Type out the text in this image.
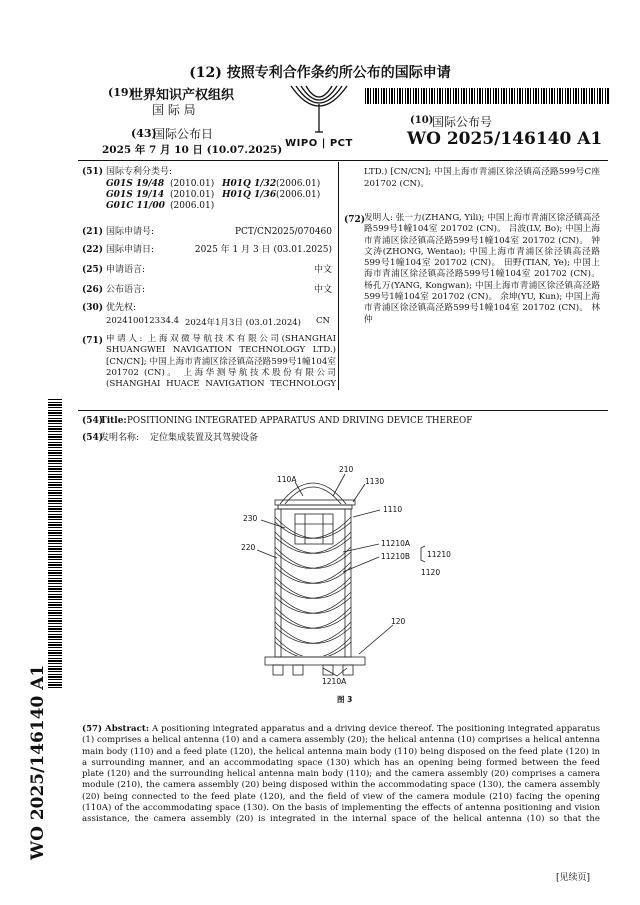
(12) 按照专利合作条约所公布的国际申请
(19)
世界知识产权组织
国 际 局
(43)
国际公布日
2025 年 7 月 10 日 (10.07.2025)
WIPO | PCT
(10)
国际公布号
WO 2025/146140 A1
(51) 国际专利分类号:
G01S 19/48 (2010.01) H01Q 1/32 (2006.01)
G01S 19/14 (2010.01) H01Q 1/36 (2006.01)
G01C 11/00 (2006.01)
(21) 国际申请号:	PCT/CN2025/070460
(22) 国际申请日:	2025 年 1 月 3 日 (03.01.2025)
(25) 申请语言:	中文
(26) 公布语言:	中文
(30) 优先权:
202410012334.4 2024年1月3日 (03.01.2024) CN
(71) 申请人: 上海双微导航技术有限公司(SHANGHAI SHUANGWEI NAVIGATION TECHNOLOGY LTD.) [CN/CN]; 中国上海市青浦区徐泾镇高泾路599号1幢104室 201702 (CN)。 上海华测导航技术股份有限公司(SHANGHAI HUACE NAVIGATION TECHNOLOGY
LTD.) [CN/CN]; 中国上海市青浦区徐泾镇高泾路599号C座 201702 (CN)。
(72)
发明人: 张一力(ZHANG, Yili); 中国上海市青浦区徐泾镇高泾路599号1幢104室 201702 (CN)。 吕波(LV, Bo); 中国上海市青浦区徐泾镇高泾路599号1幢104室 201702 (CN)。 钟文涛(ZHONG, Wentao); 中国上海市青浦区徐泾镇高泾路599号1幢104室 201702 (CN)。 田野(TIAN, Ye); 中国上海市青浦区徐泾镇高泾路599号1幢104室 201702 (CN)。 杨孔万(YANG, Kongwan); 中国上海市青浦区徐泾镇高泾路599号1幢104室 201702 (CN)。 余坤(YU, Kun); 中国上海市青浦区徐泾镇高泾路599号1幢104室 201702 (CN)。 林仲
(54)
Title: POSITIONING INTEGRATED APPARATUS AND DRIVING DEVICE THEREOF
(54)
发明名称: 定位集成装置及其驾驶设备
210
110A	1130
1110
230
220	11210A
11210B 11210
1120
120
1210A
图 3
(57) Abstract: A positioning integrated apparatus and a driving device thereof. The positioning integrated apparatus (1) comprises a helical antenna (10) and a camera assembly (20); the helical antenna (10) comprises a helical antenna main body (110) and a feed plate (120), the helical antenna main body (110) being disposed on the feed plate (120) in a surrounding manner, and an accommodating space (130) which has an opening being formed between the feed plate (120) and the surrounding helical antenna main body (110); and the camera assembly (20) comprises a camera module (210), the camera assembly (20) being disposed within the accommodating space (130), the camera assembly (20) being connected to the feed plate (120), and the field of view of the camera module (210) facing the opening (110A) of the accommodating space (130). On the basis of implementing the effects of antenna positioning and vision assistance, the camera assembly (20) is integrated in the internal space of the helical antenna (10) so that the
WO 2025/146140 A1
[见续页]
